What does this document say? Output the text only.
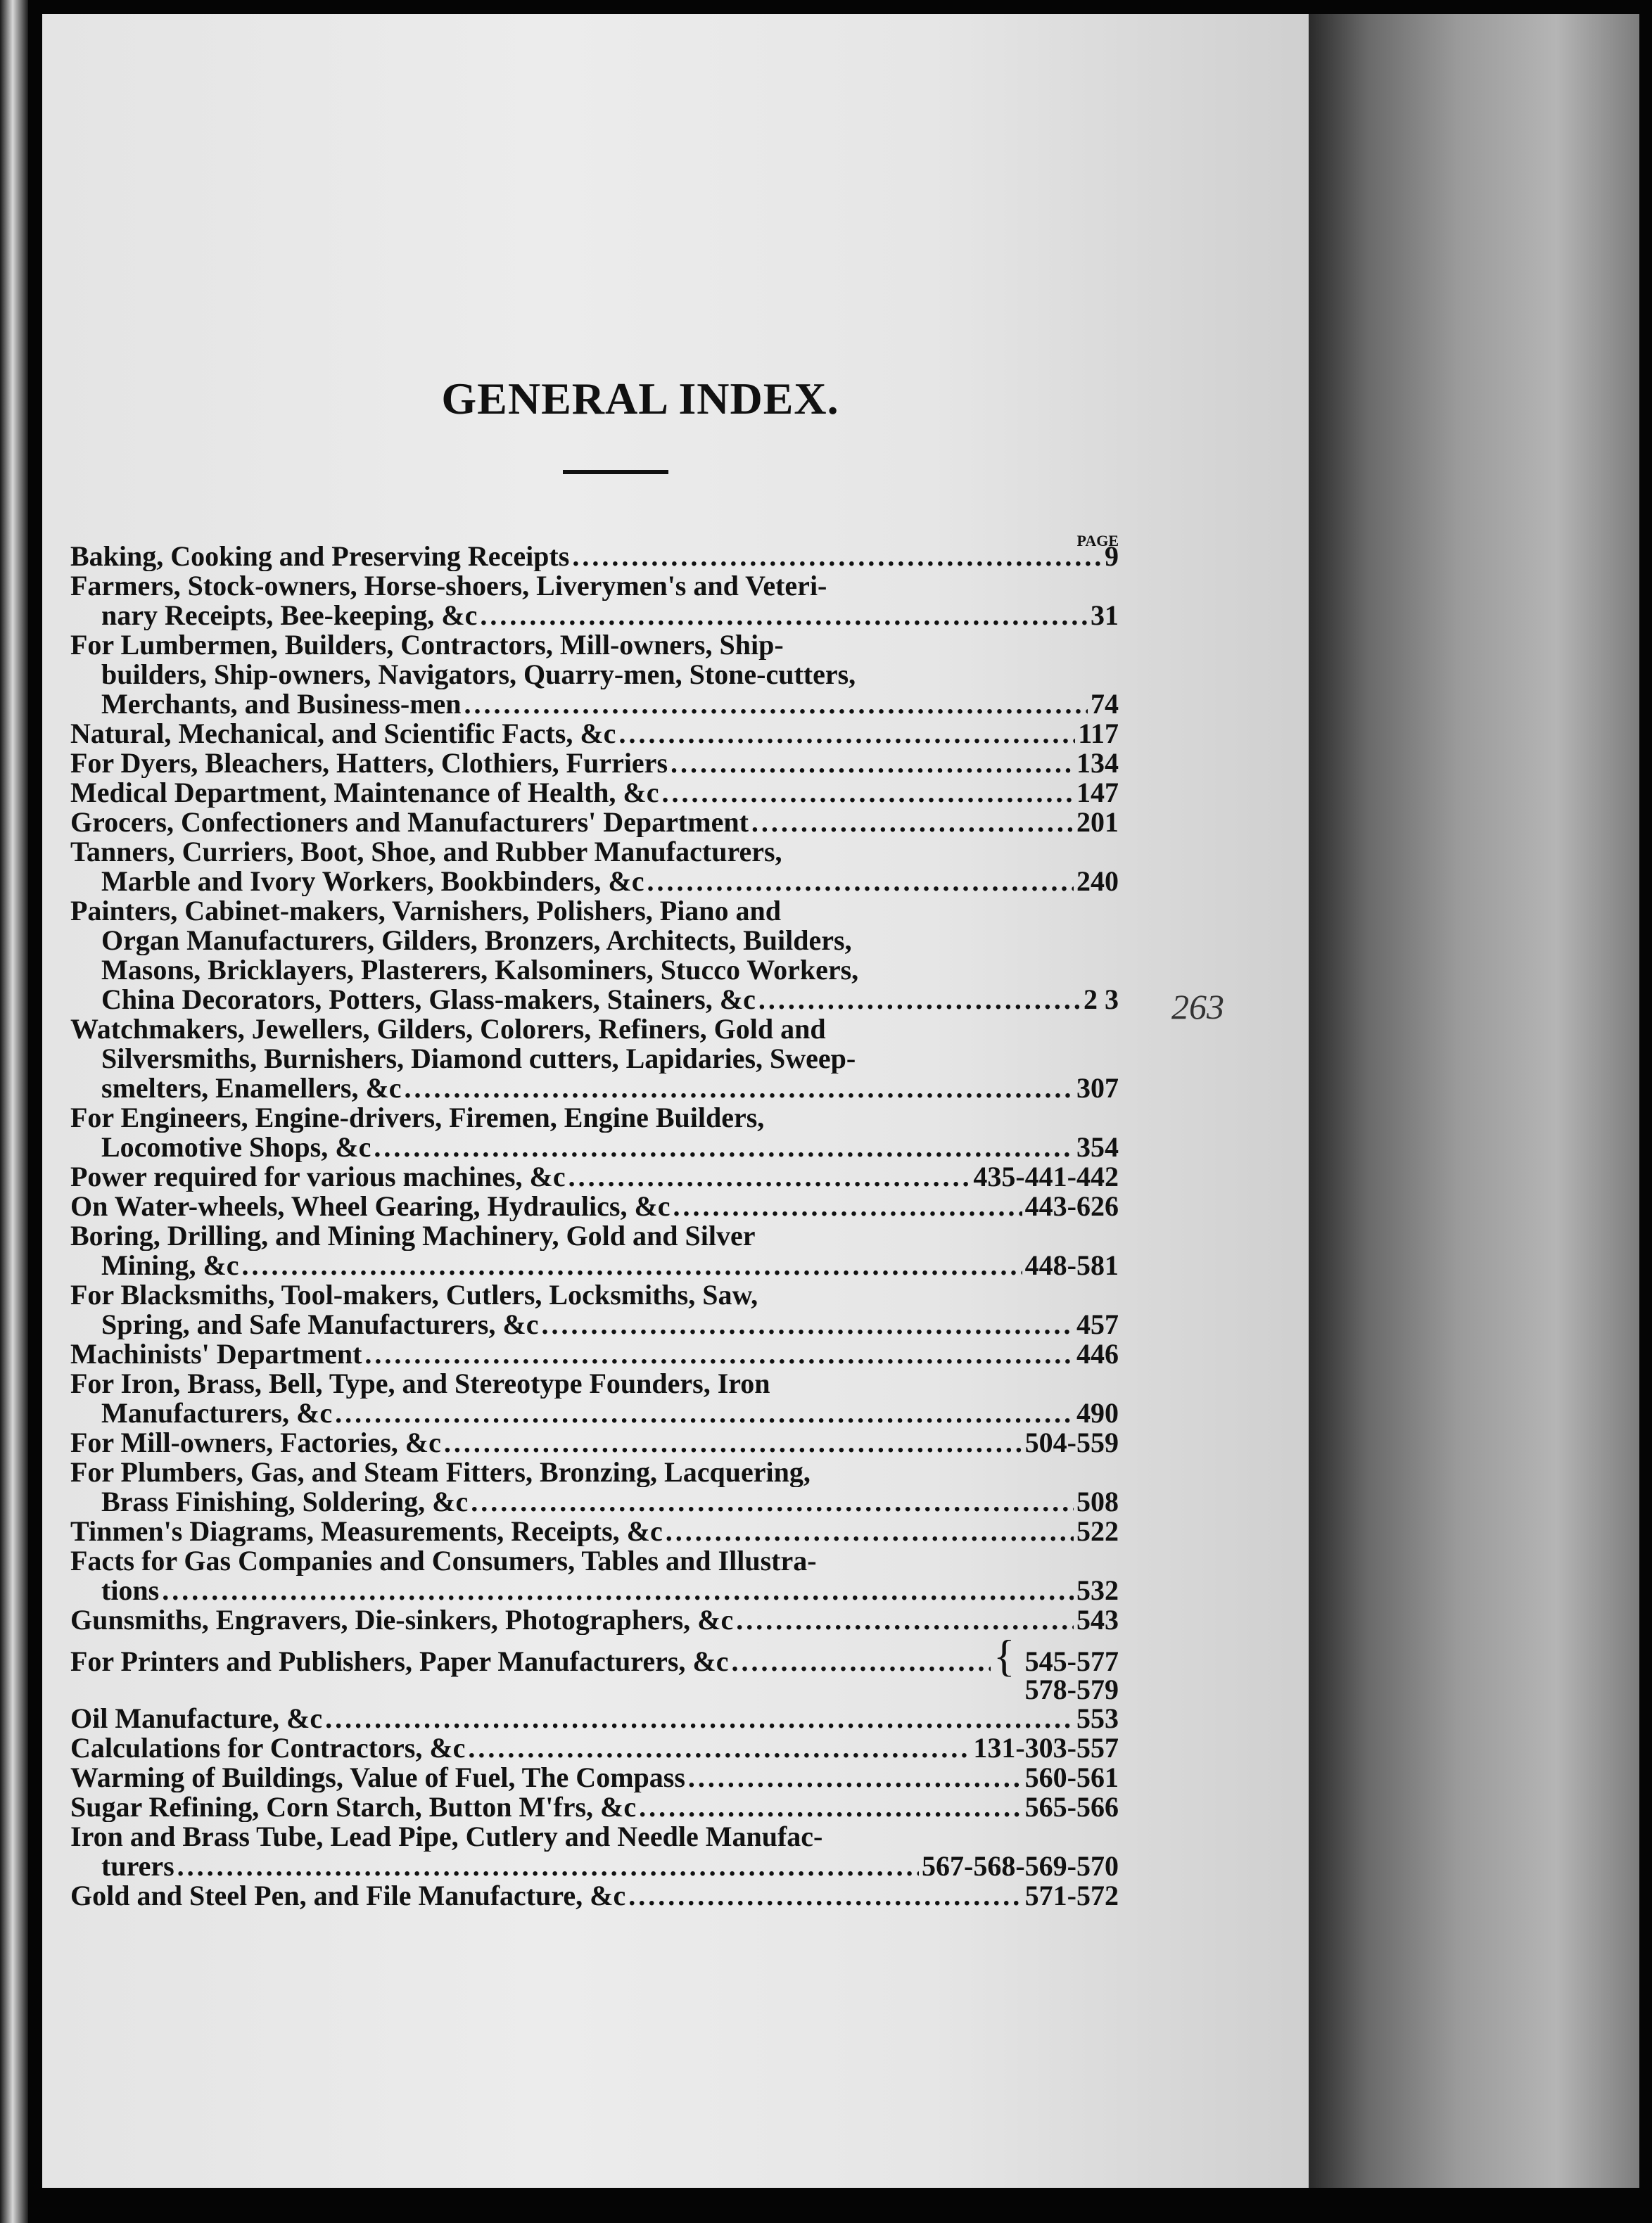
GENERAL INDEX.
PAGE
Baking, Cooking and Preserving Receipts .....	9
Farmers, Stock-owners, Horse-shoers, Liverymen's and Veteri-
nary Receipts, Bee-keeping, &c .....	31
For Lumbermen, Builders, Contractors, Mill-owners, Ship-
builders, Ship-owners, Navigators, Quarry-men, Stone-cutters,
Merchants, and Business-men .....	74
Natural, Mechanical, and Scientific Facts, &c .....	117
For Dyers, Bleachers, Hatters, Clothiers, Furriers .....	134
Medical Department, Maintenance of Health, &c .....	147
Grocers, Confectioners and Manufacturers' Department .....	201
Tanners, Curriers, Boot, Shoe, and Rubber Manufacturers,
Marble and Ivory Workers, Bookbinders, &c .....	240
Painters, Cabinet-makers, Varnishers, Polishers, Piano and
Organ Manufacturers, Gilders, Bronzers, Architects, Builders,
Masons, Bricklayers, Plasterers, Kalsominers, Stucco Workers,
China Decorators, Potters, Glass-makers, Stainers, &c .....	2 3
Watchmakers, Jewellers, Gilders, Colorers, Refiners, Gold and
Silversmiths, Burnishers, Diamond cutters, Lapidaries, Sweep-
smelters, Enamellers, &c .....	307
For Engineers, Engine-drivers, Firemen, Engine Builders,
Locomotive Shops, &c .....	354
Power required for various machines, &c .....	435-441-442
On Water-wheels, Wheel Gearing, Hydraulics, &c .....	443-626
Boring, Drilling, and Mining Machinery, Gold and Silver
Mining, &c .....	448-581
For Blacksmiths, Tool-makers, Cutlers, Locksmiths, Saw,
Spring, and Safe Manufacturers, &c .....	457
Machinists' Department .....	446
For Iron, Brass, Bell, Type, and Stereotype Founders, Iron
Manufacturers, &c .....	490
For Mill-owners, Factories, &c .....	504-559
For Plumbers, Gas, and Steam Fitters, Bronzing, Lacquering,
Brass Finishing, Soldering, &c .....	508
Tinmen's Diagrams, Measurements, Receipts, &c .....	522
Facts for Gas Companies and Consumers, Tables and Illustra-
tions .....	532
Gunsmiths, Engravers, Die-sinkers, Photographers, &c .....	543
For Printers and Publishers, Paper Manufacturers, &c .....	{ 545-577
578-579
Oil Manufacture, &c .....	553
Calculations for Contractors, &c .....	131-303-557
Warming of Buildings, Value of Fuel, The Compass .....	560-561
Sugar Refining, Corn Starch, Button M'frs, &c .....	565-566
Iron and Brass Tube, Lead Pipe, Cutlery and Needle Manufac-
turers .....	567-568-569-570
Gold and Steel Pen, and File Manufacture, &c .....	571-572
263
